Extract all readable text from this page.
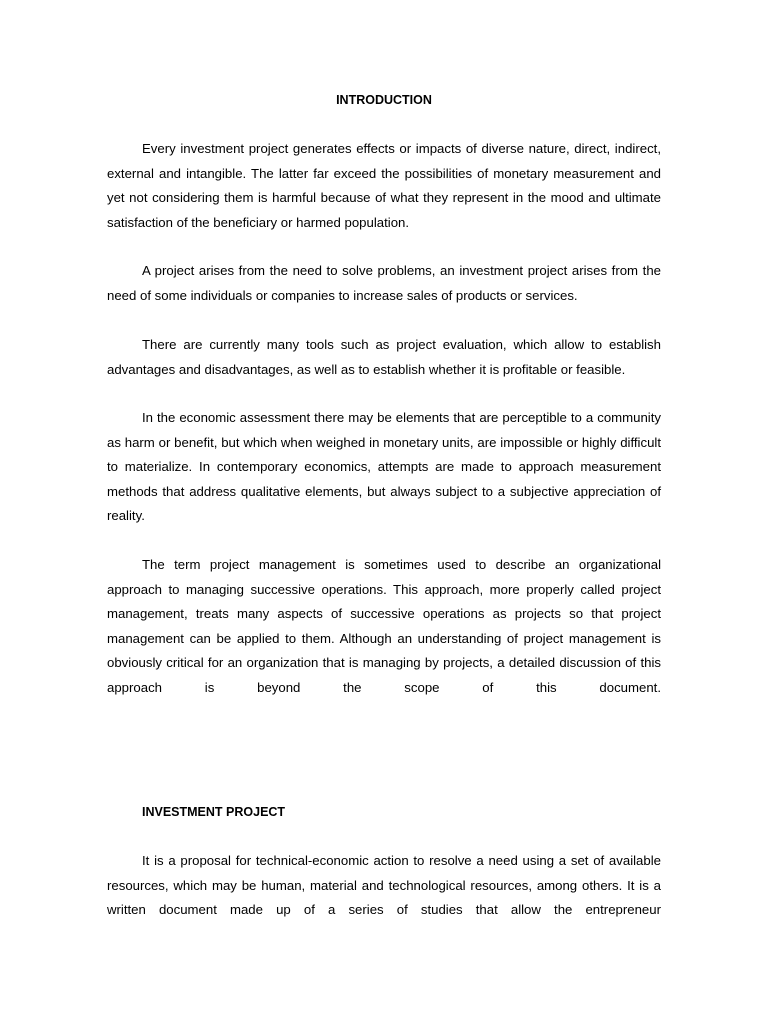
INTRODUCTION

Every investment project generates effects or impacts of diverse nature, direct, indirect, external and intangible. The latter far exceed the possibilities of monetary measurement and yet not considering them is harmful because of what they represent in the mood and ultimate satisfaction of the beneficiary or harmed population.

A project arises from the need to solve problems, an investment project arises from the need of some individuals or companies to increase sales of products or services.

There are currently many tools such as project evaluation, which allow to establish advantages and disadvantages, as well as to establish whether it is profitable or feasible.

In the economic assessment there may be elements that are perceptible to a community as harm or benefit, but which when weighed in monetary units, are impossible or highly difficult to materialize. In contemporary economics, attempts are made to approach measurement methods that address qualitative elements, but always subject to a subjective appreciation of reality.

The term project management is sometimes used to describe an organizational approach to managing successive operations. This approach, more properly called project management, treats many aspects of successive operations as projects so that project management can be applied to them. Although an understanding of project management is obviously critical for an organization that is managing by projects, a detailed discussion of this approach is beyond the scope of this document.

INVESTMENT PROJECT

It is a proposal for technical-economic action to resolve a need using a set of available resources, which may be human, material and technological resources, among others. It is a written document made up of a series of studies that allow the entrepreneur
